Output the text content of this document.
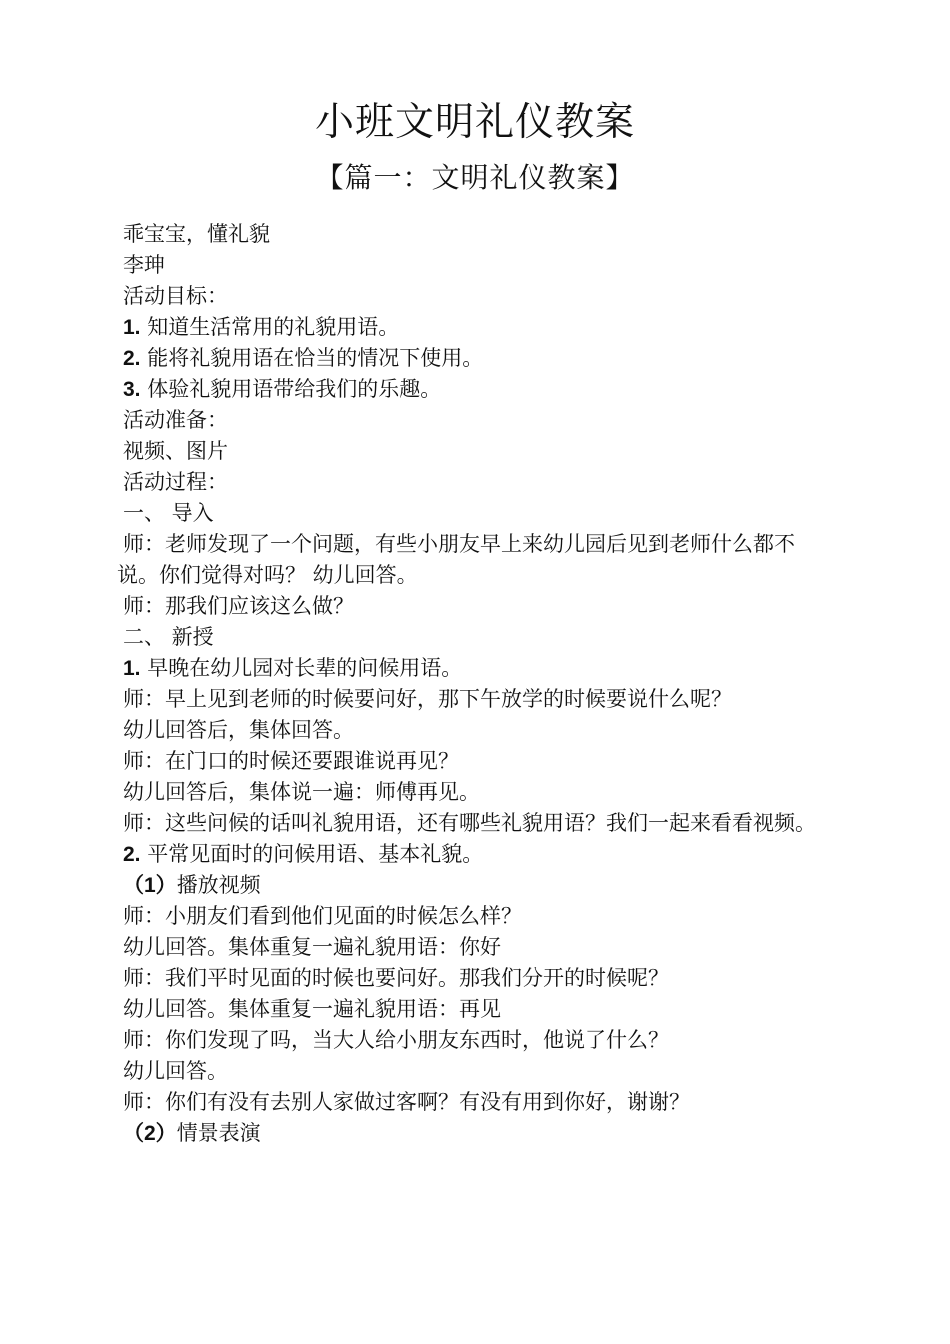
小班文明礼仪教案
【篇一：文明礼仪教案】

乖宝宝，懂礼貌

李珅

活动目标：

1. 知道生活常用的礼貌用语。

2. 能将礼貌用语在恰当的情况下使用。

3. 体验礼貌用语带给我们的乐趣。

活动准备：

视频、图片

活动过程：

一、 导入

师：老师发现了一个问题，有些小朋友早上来幼儿园后见到老师什么都不说。你们觉得对吗？ 幼儿回答。

师：那我们应该这么做？

二、 新授

1. 早晚在幼儿园对长辈的问候用语。

师：早上见到老师的时候要问好，那下午放学的时候要说什么呢？

幼儿回答后，集体回答。

师：在门口的时候还要跟谁说再见？

幼儿回答后，集体说一遍：师傅再见。

师：这些问候的话叫礼貌用语，还有哪些礼貌用语？我们一起来看看视频。

2. 平常见面时的问候用语、基本礼貌。

（1）播放视频

师：小朋友们看到他们见面的时候怎么样？

幼儿回答。集体重复一遍礼貌用语：你好

师：我们平时见面的时候也要问好。那我们分开的时候呢？

幼儿回答。集体重复一遍礼貌用语：再见

师：你们发现了吗，当大人给小朋友东西时，他说了什么？

幼儿回答。

师：你们有没有去别人家做过客啊？有没有用到你好，谢谢？

（2）情景表演
